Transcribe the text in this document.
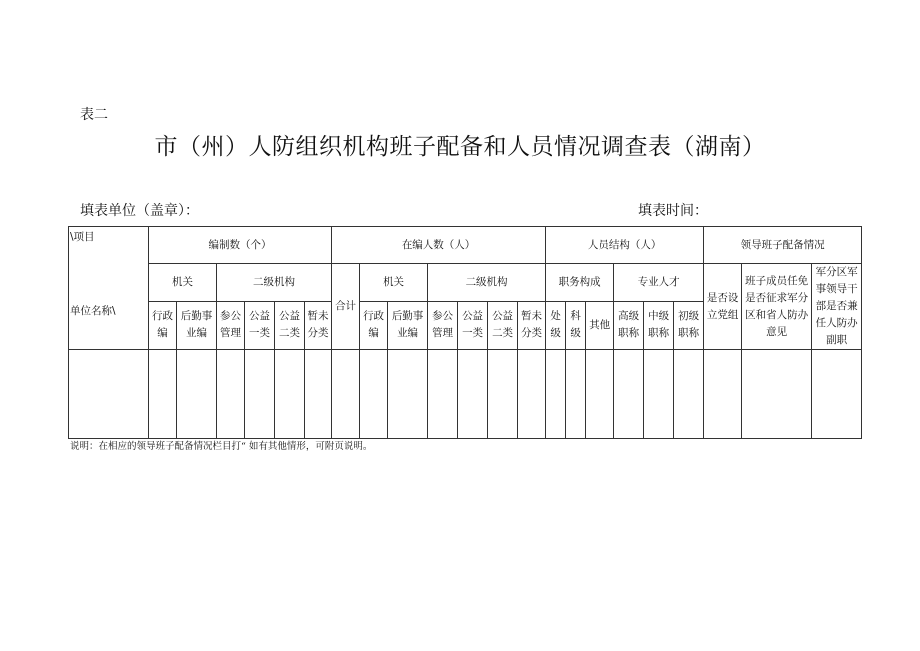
表二
市（州）人防组织机构班子配备和人员情况调查表（湖南）
填表单位（盖章）：	填表时间：
\项目
单位名称\	编制数（个）						在编人数（人）							人员结构（人）						领导班子配备情况		
	机关		二级机构				合计	机关		二级机构				职务构成			专业人才			是否设立党组	班子成员任免是否征求军分区和省人防办意见	军分区军事领导干部是否兼任人防办副职
	行政编	后勤事业编	参公管理	公益一类	公益二类	暂未分类		行政编	后勤事业编	参公管理	公益一类	公益二类	暂未分类	处级	科级	其他	高级职称	中级职称	初级职称			

说明：在相应的领导班子配备情况栏目打“ 如有其他情形，可附页说明。
